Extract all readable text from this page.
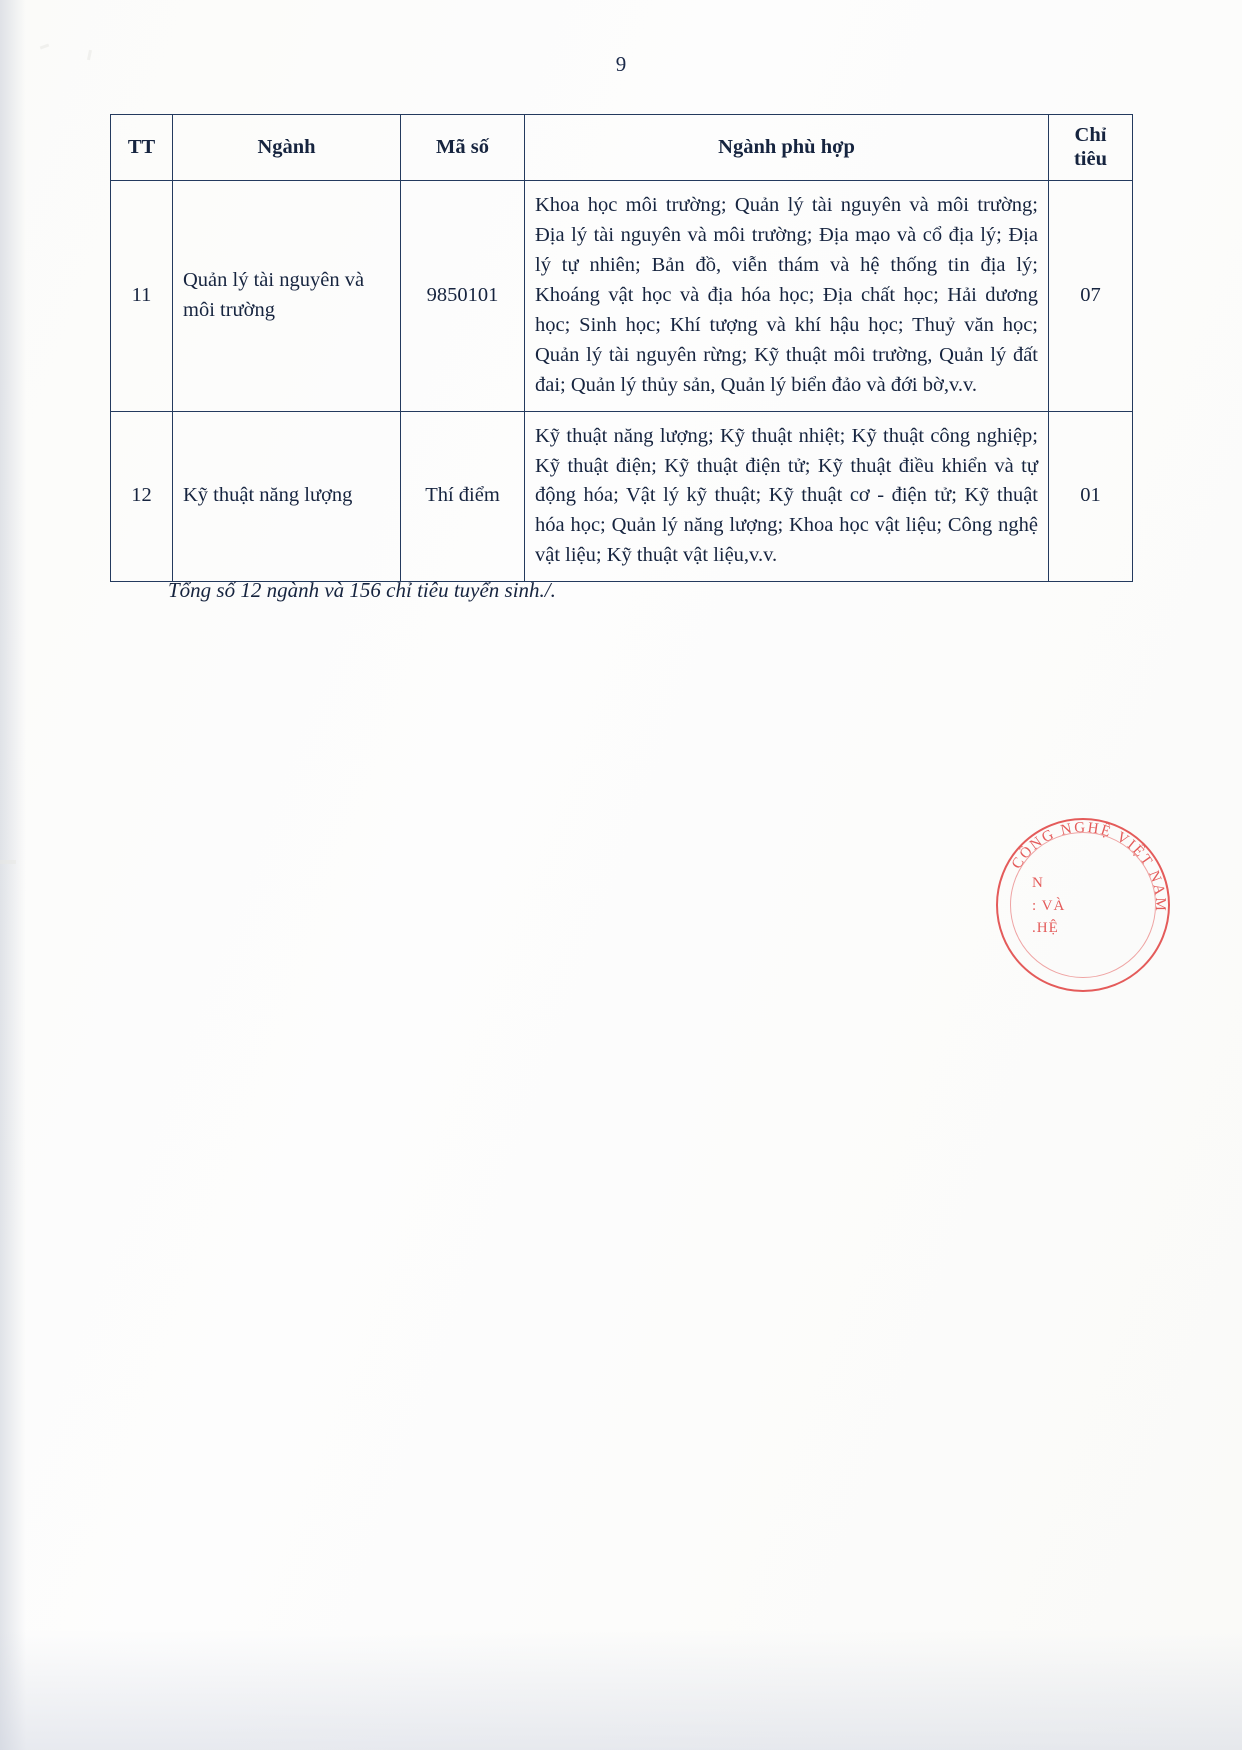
9
TT	Ngành	Mã số	Ngành phù hợp	Chỉ
tiêu

11	Quản lý tài nguyên và môi trường	9850101	Khoa học môi trường; Quản lý tài nguyên và môi trường; Địa lý tài nguyên và môi trường; Địa mạo và cổ địa lý; Địa lý tự nhiên; Bản đồ, viễn thám và hệ thống tin địa lý; Khoáng vật học và địa hóa học; Địa chất học; Hải dương học; Sinh học; Khí tượng và khí hậu học; Thuỷ văn học; Quản lý tài nguyên rừng; Kỹ thuật môi trường, Quản lý đất đai; Quản lý thủy sản, Quản lý biển đảo và đới bờ,v.v.	07
12	Kỹ thuật năng lượng	Thí điểm	Kỹ thuật năng lượng; Kỹ thuật nhiệt; Kỹ thuật công nghiệp; Kỹ thuật điện; Kỹ thuật điện tử; Kỹ thuật điều khiển và tự động hóa; Vật lý kỹ thuật; Kỹ thuật cơ - điện tử; Kỹ thuật hóa học; Quản lý năng lượng; Khoa học vật liệu; Công nghệ vật liệu; Kỹ thuật vật liệu,v.v.	01
Tổng số 12 ngành và 156 chỉ tiêu tuyển sinh./.
CÔNG NGHỆ VIỆT NAM
N
: VÀ
.HỆ
